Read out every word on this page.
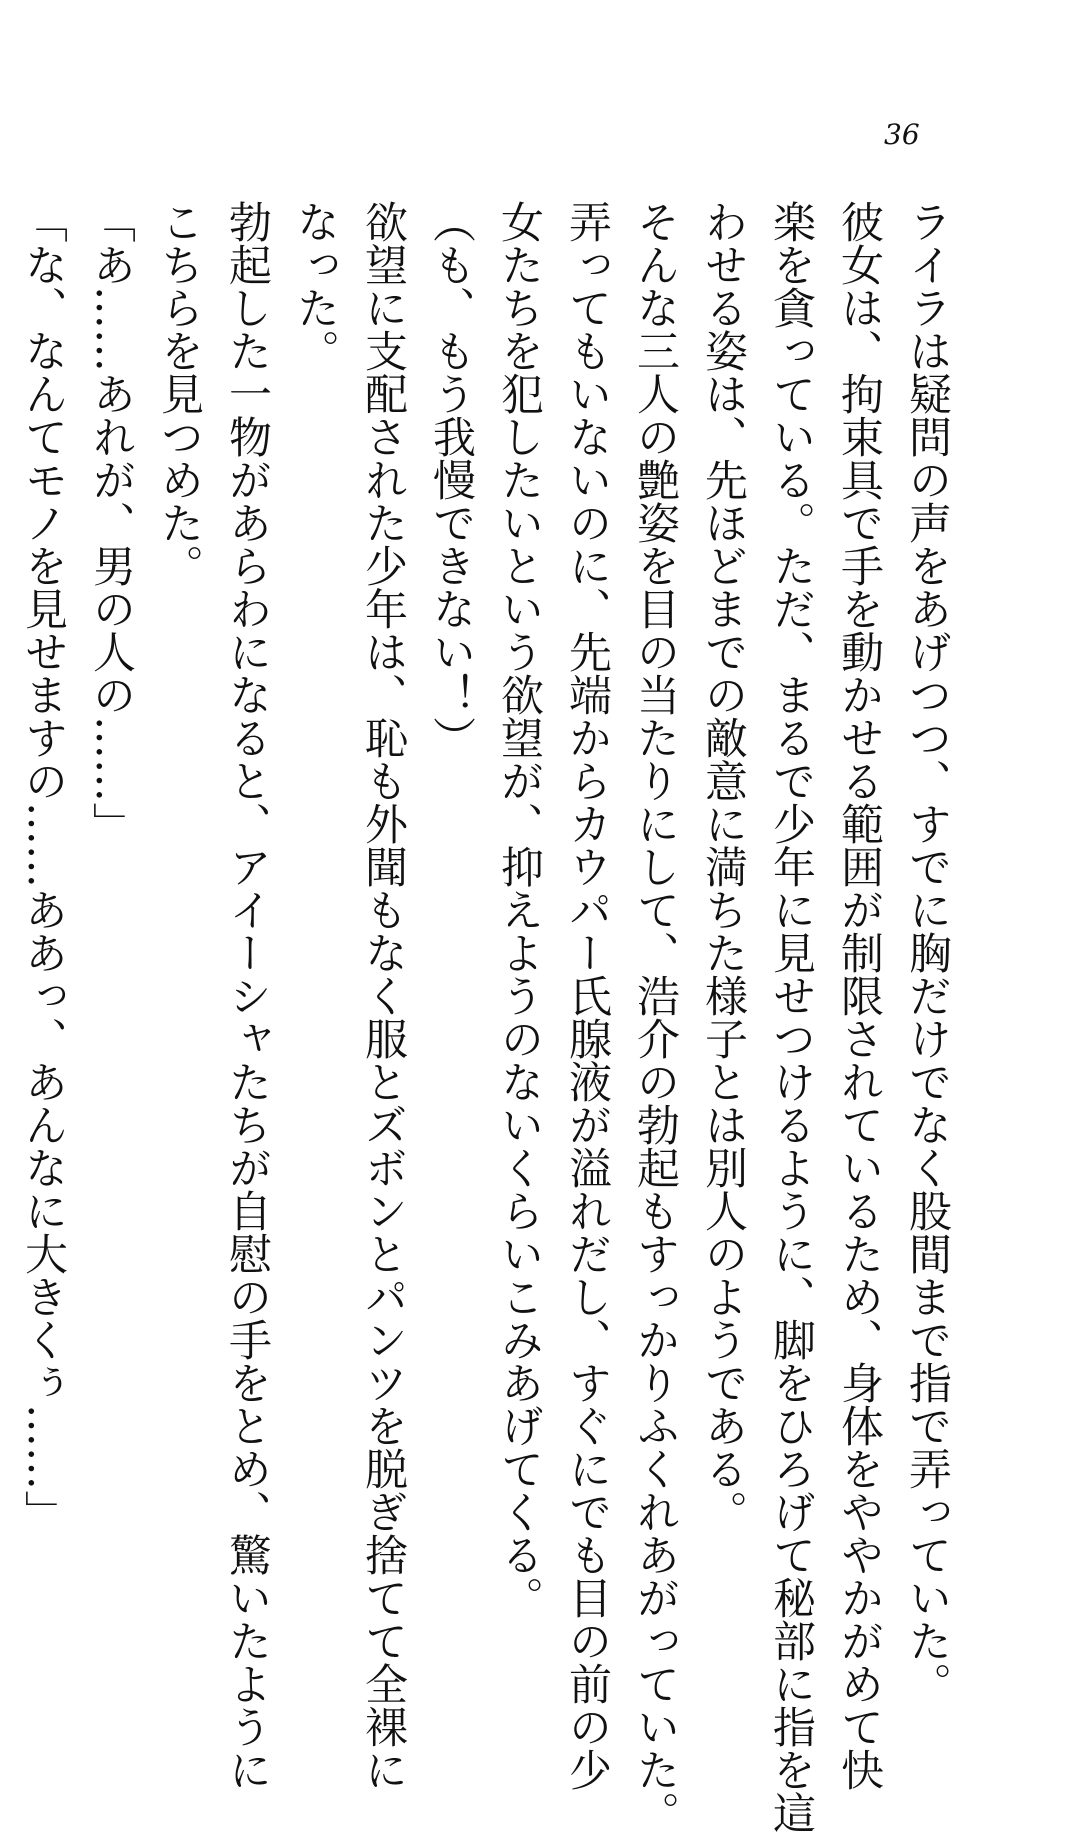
36
ライラは疑問の声をあげつつ、すでに胸だけでなく股間まで指で弄っていた。
彼女は、拘束具で手を動かせる範囲が制限されているため、身体をややかがめて快
楽を貪っている。ただ、まるで少年に見せつけるように、脚をひろげて秘部に指を這
わせる姿は、先ほどまでの敵意に満ちた様子とは別人のようである。
そんな三人の艶姿を目の当たりにして、浩介の勃起もすっかりふくれあがっていた。
弄ってもいないのに、先端からカウパー氏腺液が溢れだし、すぐにでも目の前の少
女たちを犯したいという欲望が、抑えようのないくらいこみあげてくる。
（も、もう我慢できない！）
欲望に支配された少年は、恥も外聞もなく服とズボンとパンツを脱ぎ捨てて全裸に
なった。
勃起した一物があらわになると、アイーシャたちが自慰の手をとめ、驚いたように
こちらを見つめた。
「あ……あれが、男の人の……」
「な、なんてモノを見せますの……ああっ、あんなに大きくぅ……」
